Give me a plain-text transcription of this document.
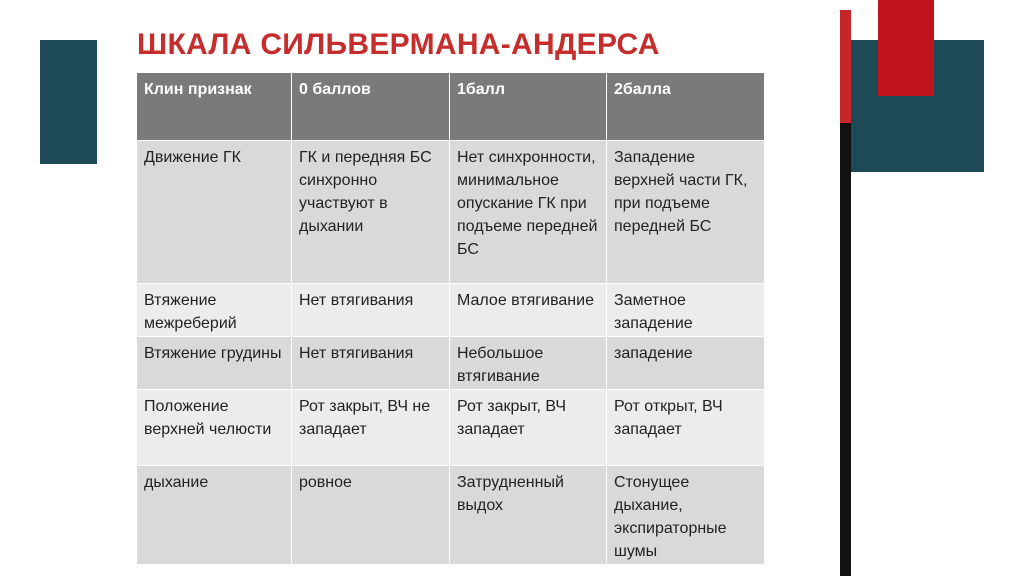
ШКАЛА СИЛЬВЕРМАНА-АНДЕРСА
Клин признак	0 баллов	1балл	2балла
Движение ГК	ГК и передняя БС синхронно участвуют в дыхании	Нет синхронности, минимальное опускание ГК при подъеме передней БС	Западение верхней части ГК, при подъеме передней БС
Втяжение межреберий	Нет втягивания	Малое втягивание	Заметное западение
Втяжение грудины	Нет втягивания	Небольшое втягивание	западение
Положение верхней челюсти	Рот закрыт, ВЧ не западает	Рот закрыт, ВЧ западает	Рот открыт, ВЧ западает
дыхание	ровное	Затрудненный выдох	Стонущее дыхание, экспираторные шумы
